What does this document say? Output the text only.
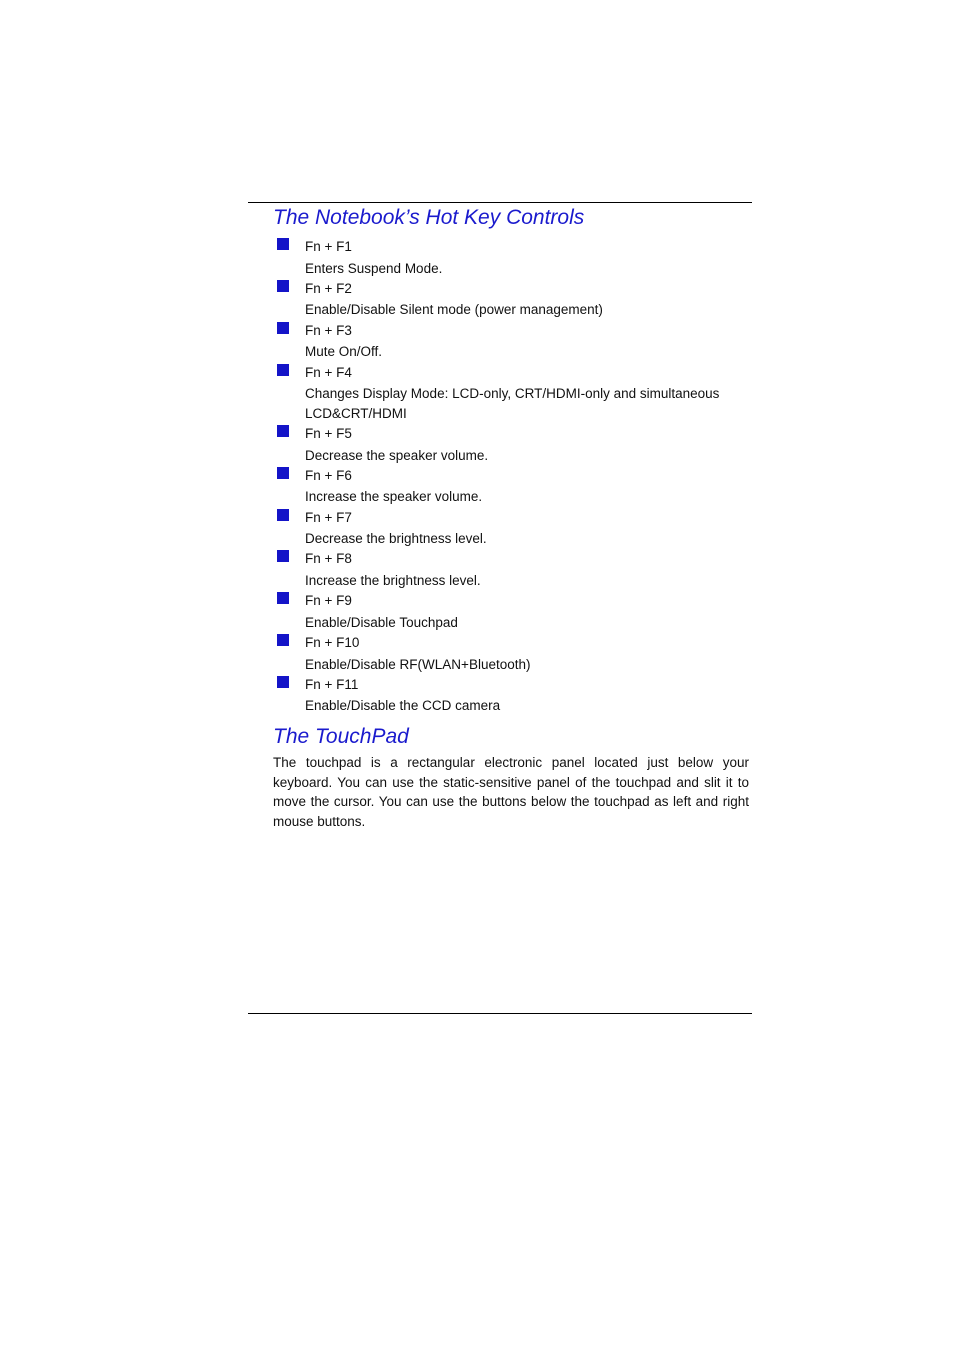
The Notebook’s Hot Key Controls
Fn + F1
Enters Suspend Mode.
Fn + F2
Enable/Disable Silent mode (power management)
Fn + F3
Mute On/Off.
Fn + F4
Changes Display Mode: LCD-only, CRT/HDMI-only and simultaneous LCD&CRT/HDMI
Fn + F5
Decrease the speaker volume.
Fn + F6
Increase the speaker volume.
Fn + F7
Decrease the brightness level.
Fn + F8
Increase the brightness level.
Fn + F9
Enable/Disable Touchpad
Fn + F10
Enable/Disable RF(WLAN+Bluetooth)
Fn + F11
Enable/Disable the CCD camera
The TouchPad

The touchpad is a rectangular electronic panel located just below your keyboard. You can use the static-sensitive panel of the touchpad and slit it to move the cursor. You can use the buttons below the touchpad as left and right mouse buttons.
